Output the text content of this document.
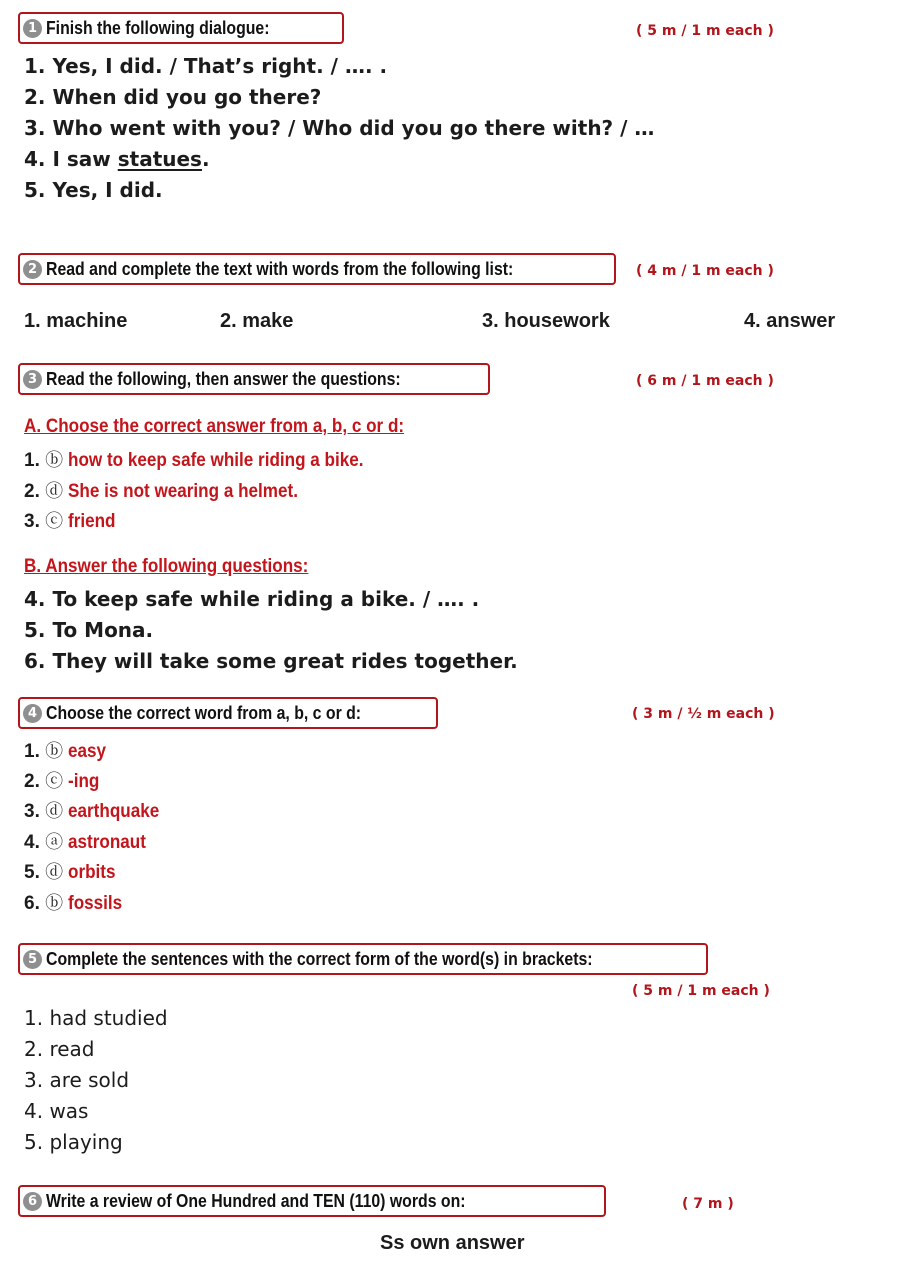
1 Finish the following dialogue:	( 5 m / 1 m each )
1. Yes, I did. / That’s right. / …. .
2. When did you go there?
3. Who went with you? / Who did you go there with? / …
4. I saw statues.
5. Yes, I did.
2 Read and complete the text with words from the following list:	( 4 m / 1 m each )
1. machine	2. make	3. housework	4. answer
3 Read the following, then answer the questions:	( 6 m / 1 m each )
A. Choose the correct answer from a, b, c or d:
1. ⓑ how to keep safe while riding a bike.
2. ⓓ She is not wearing a helmet.
3. ⓒ friend
B. Answer the following questions:
4. To keep safe while riding a bike. / …. .
5. To Mona.
6. They will take some great rides together.
4 Choose the correct word from a, b, c or d:	( 3 m / ½ m each )
1. ⓑ easy
2. ⓒ -ing
3. ⓓ earthquake
4. ⓐ astronaut
5. ⓓ orbits
6. ⓑ fossils
5 Complete the sentences with the correct form of the word(s) in brackets:
( 5 m / 1 m each )
1. had studied
2. read
3. are sold
4. was
5. playing
6 Write a review of One Hundred and TEN (110) words on:	( 7 m )
Ss own answer
